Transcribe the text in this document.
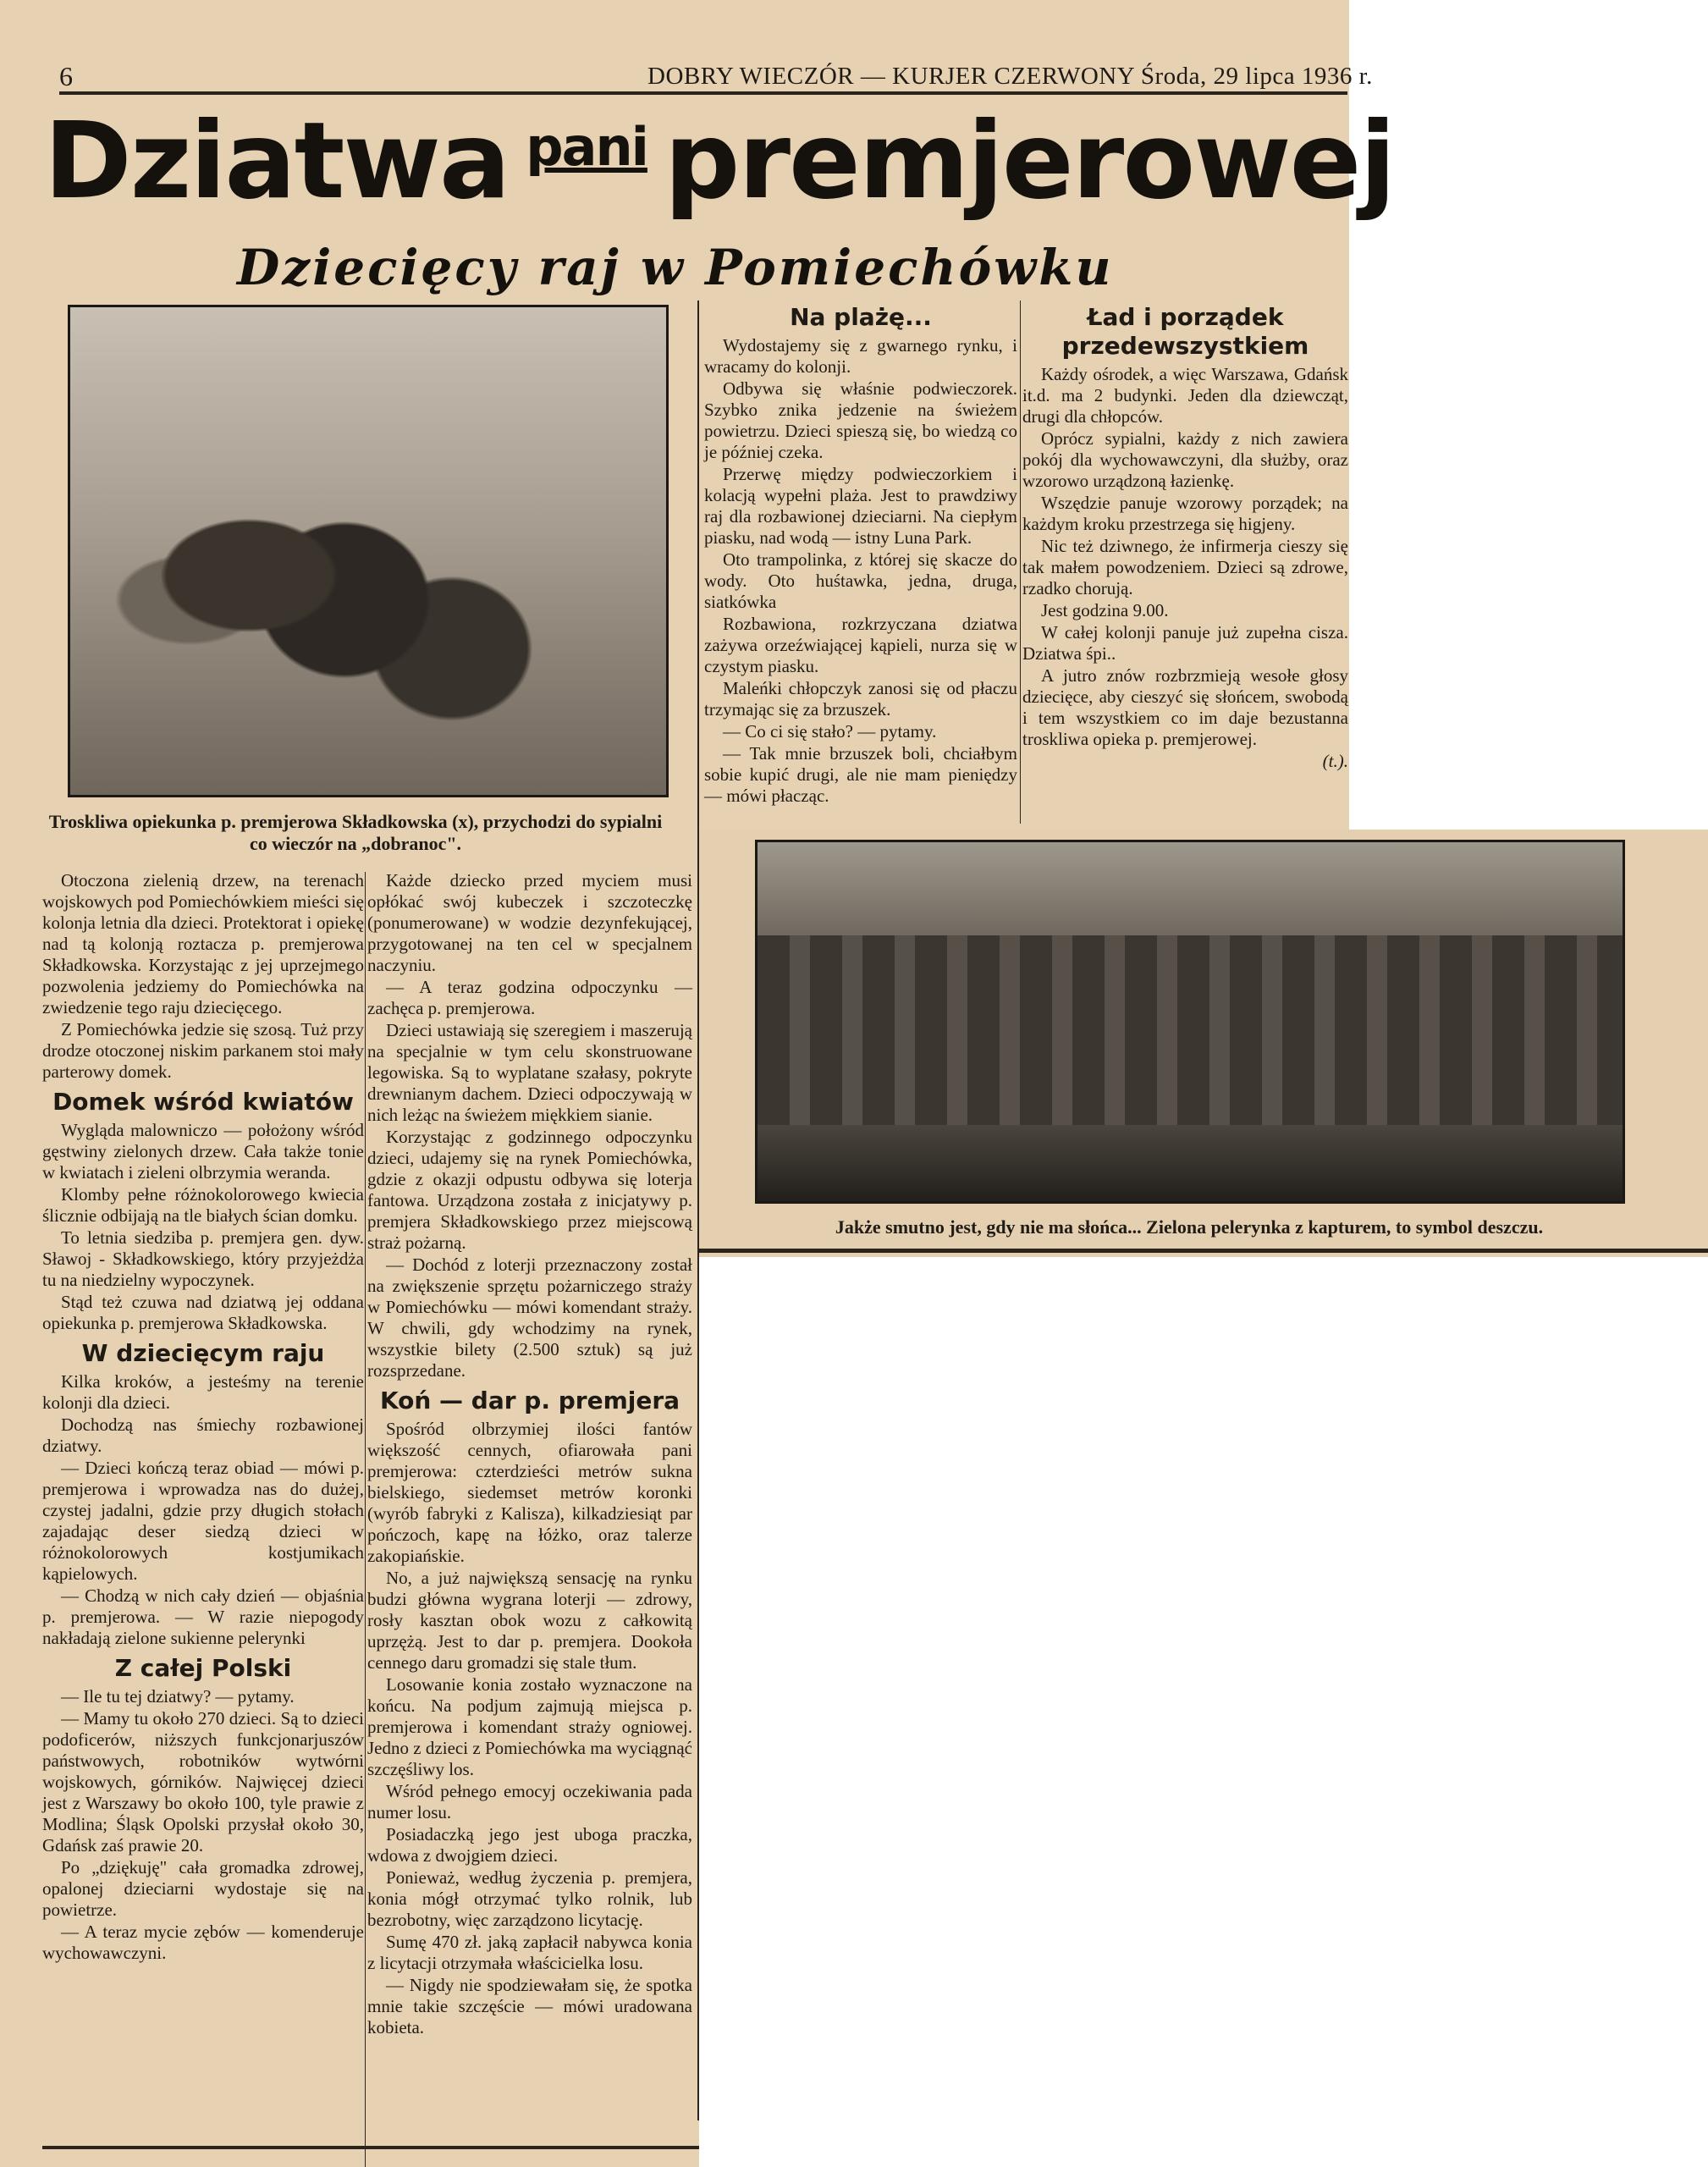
6	DOBRY WIECZÓR — KURJER CZERWONY Środa, 29 lipca 1936 r.
Dziatwa $^{pani}$ premjerowej
Dziecięcy raj w Pomiechówku
Troskliwa opiekunka p. premjerowa Składkowska (x), przychodzi do sypialni co wieczór na „dobranoc".
Jakże smutno jest, gdy nie ma słońca... Zielona pelerynka z kapturem, to symbol deszczu.

Otoczona zielenią drzew, na terenach wojskowych pod Pomiechówkiem mieści się kolonja letnia dla dzieci. Protektorat i opiekę nad tą kolonją roztacza p. premjerowa Składkowska. Korzystając z jej uprzejmego pozwolenia jedziemy do Pomiechówka na zwiedzenie tego raju dziecięcego.

Z Pomiechówka jedzie się szosą. Tuż przy drodze otoczonej niskim parkanem stoi mały parterowy domek.

Domek wśród kwiatów

Wygląda malowniczo — położony wśród gęstwiny zielonych drzew. Cała także tonie w kwiatach i zieleni olbrzymia weranda.

Klomby pełne różnokolorowego kwiecia ślicznie odbijają na tle białych ścian domku.

To letnia siedziba p. premjera gen. dyw. Sławoj - Składkowskiego, który przyjeżdża tu na niedzielny wypoczynek.

Stąd też czuwa nad dziatwą jej oddana opiekunka p. premjerowa Składkowska.

W dziecięcym raju

Kilka kroków, a jesteśmy na terenie kolonji dla dzieci.

Dochodzą nas śmiechy rozbawionej dziatwy.

— Dzieci kończą teraz obiad — mówi p. premjerowa i wprowadza nas do dużej, czystej jadalni, gdzie przy długich stołach zajadając deser siedzą dzieci w różnokolorowych kostjumikach kąpielowych.

— Chodzą w nich cały dzień — objaśnia p. premjerowa. — W razie niepogody nakładają zielone sukienne pelerynki

Z całej Polski

— Ile tu tej dziatwy? — pytamy.

— Mamy tu około 270 dzieci. Są to dzieci podoficerów, niższych funkcjonarjuszów państwowych, robotników wytwórni wojskowych, górników. Najwięcej dzieci jest z Warszawy bo około 100, tyle prawie z Modlina; Śląsk Opolski przysłał około 30, Gdańsk zaś prawie 20.

Po „dziękuję" cała gromadka zdrowej, opalonej dzieciarni wydostaje się na powietrze.

— A teraz mycie zębów — komenderuje wychowawczyni.

Każde dziecko przed myciem musi opłókać swój kubeczek i szczoteczkę (ponumerowane) w wodzie dezynfekującej, przygotowanej na ten cel w specjalnem naczyniu.

— A teraz godzina odpoczynku — zachęca p. premjerowa.

Dzieci ustawiają się szeregiem i maszerują na specjalnie w tym celu skonstruowane legowiska. Są to wyplatane szałasy, pokryte drewnianym dachem. Dzieci odpoczywają w nich leżąc na świeżem miękkiem sianie.

Korzystając z godzinnego odpoczynku dzieci, udajemy się na rynek Pomiechówka, gdzie z okazji odpustu odbywa się loterja fantowa. Urządzona została z inicjatywy p. premjera Składkowskiego przez miejscową straż pożarną.

— Dochód z loterji przeznaczony został na zwiększenie sprzętu pożarniczego straży w Pomiechówku — mówi komendant straży. W chwili, gdy wchodzimy na rynek, wszystkie bilety (2.500 sztuk) są już rozsprzedane.

Koń — dar p. premjera

Spośród olbrzymiej ilości fantów większość cennych, ofiarowała pani premjerowa: czterdzieści metrów sukna bielskiego, siedemset metrów koronki (wyrób fabryki z Kalisza), kilkadziesiąt par pończoch, kapę na łóżko, oraz talerze zakopiańskie.

No, a już największą sensację na rynku budzi główna wygrana loterji — zdrowy, rosły kasztan obok wozu z całkowitą uprzężą. Jest to dar p. premjera. Dookoła cennego daru gromadzi się stale tłum.

Losowanie konia zostało wyznaczone na końcu. Na podjum zajmują miejsca p. premjerowa i komendant straży ogniowej. Jedno z dzieci z Pomiechówka ma wyciągnąć szczęśliwy los.

Wśród pełnego emocyj oczekiwania pada numer losu.

Posiadaczką jego jest uboga praczka, wdowa z dwojgiem dzieci.

Ponieważ, według życzenia p. premjera, konia mógł otrzymać tylko rolnik, lub bezrobotny, więc zarządzono licytację.

Sumę 470 zł. jaką zapłacił nabywca konia z licytacji otrzymała właścicielka losu.

— Nigdy nie spodziewałam się, że spotka mnie takie szczęście — mówi uradowana kobieta.

Na plażę...

Wydostajemy się z gwarnego rynku, i wracamy do kolonji.

Odbywa się właśnie podwieczorek. Szybko znika jedzenie na świeżem powietrzu. Dzieci spieszą się, bo wiedzą co je później czeka.

Przerwę między podwieczorkiem i kolacją wypełni plaża. Jest to prawdziwy raj dla rozbawionej dzieciarni. Na ciepłym piasku, nad wodą — istny Luna Park.

Oto trampolinka, z której się skacze do wody. Oto huśtawka, jedna, druga, siatkówka

Rozbawiona, rozkrzyczana dziatwa zażywa orzeźwiającej kąpieli, nurza się w czystym piasku.

Maleńki chłopczyk zanosi się od płaczu trzymając się za brzuszek.

— Co ci się stało? — pytamy.

— Tak mnie brzuszek boli, chciałbym sobie kupić drugi, ale nie mam pieniędzy — mówi płacząc.

Ład i porządek przedewszystkiem

Każdy ośrodek, a więc Warszawa, Gdańsk it.d. ma 2 budynki. Jeden dla dziewcząt, drugi dla chłopców.

Oprócz sypialni, każdy z nich zawiera pokój dla wychowawczyni, dla służby, oraz wzorowo urządzoną łazienkę.

Wszędzie panuje wzorowy porządek; na każdym kroku przestrzega się higjeny.

Nic też dziwnego, że infirmerja cieszy się tak małem powodzeniem. Dzieci są zdrowe, rzadko chorują.

Jest godzina 9.00.

W całej kolonji panuje już zupełna cisza. Dziatwa śpi..

A jutro znów rozbrzmieją wesołe głosy dziecięce, aby cieszyć się słońcem, swobodą i tem wszystkiem co im daje bezustanna troskliwa opieka p. premjerowej.

(t.).
